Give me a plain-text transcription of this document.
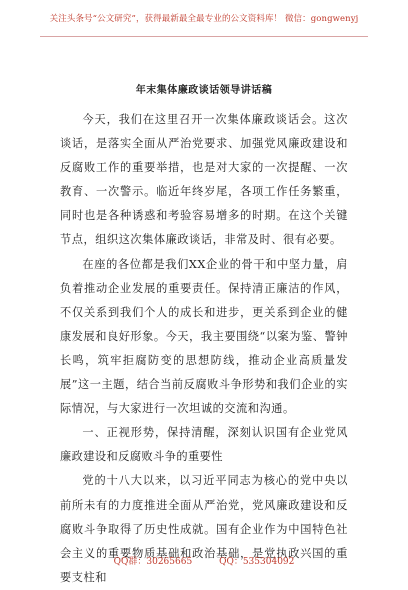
关注头条号“公文研究”，获得最新最全最专业的公文资料库！ 微信：gongwenyj
年末集体廉政谈话领导讲话稿

今天，我们在这里召开一次集体廉政谈话会。这次谈话，是落实全面从严治党要求、加强党风廉政建设和反腐败工作的重要举措，也是对大家的一次提醒、一次教育、一次警示。临近年终岁尾，各项工作任务繁重，同时也是各种诱惑和考验容易增多的时期。在这个关键节点，组织这次集体廉政谈话，非常及时、很有必要。

在座的各位都是我们XX企业的骨干和中坚力量，肩负着推动企业发展的重要责任。保持清正廉洁的作风，不仅关系到我们个人的成长和进步，更关系到企业的健康发展和良好形象。今天，我主要围绕“以案为鉴、警钟长鸣，筑牢拒腐防变的思想防线，推动企业高质量发展”这一主题，结合当前反腐败斗争形势和我们企业的实际情况，与大家进行一次坦诚的交流和沟通。

一、正视形势，保持清醒，深刻认识国有企业党风廉政建设和反腐败斗争的重要性

党的十八大以来，以习近平同志为核心的党中央以前所未有的力度推进全面从严治党，党风廉政建设和反腐败斗争取得了历史性成就。国有企业作为中国特色社会主义的重要物质基础和政治基础，是党执政兴国的重要支柱和

QQ群：30265665	QQ：535304092
